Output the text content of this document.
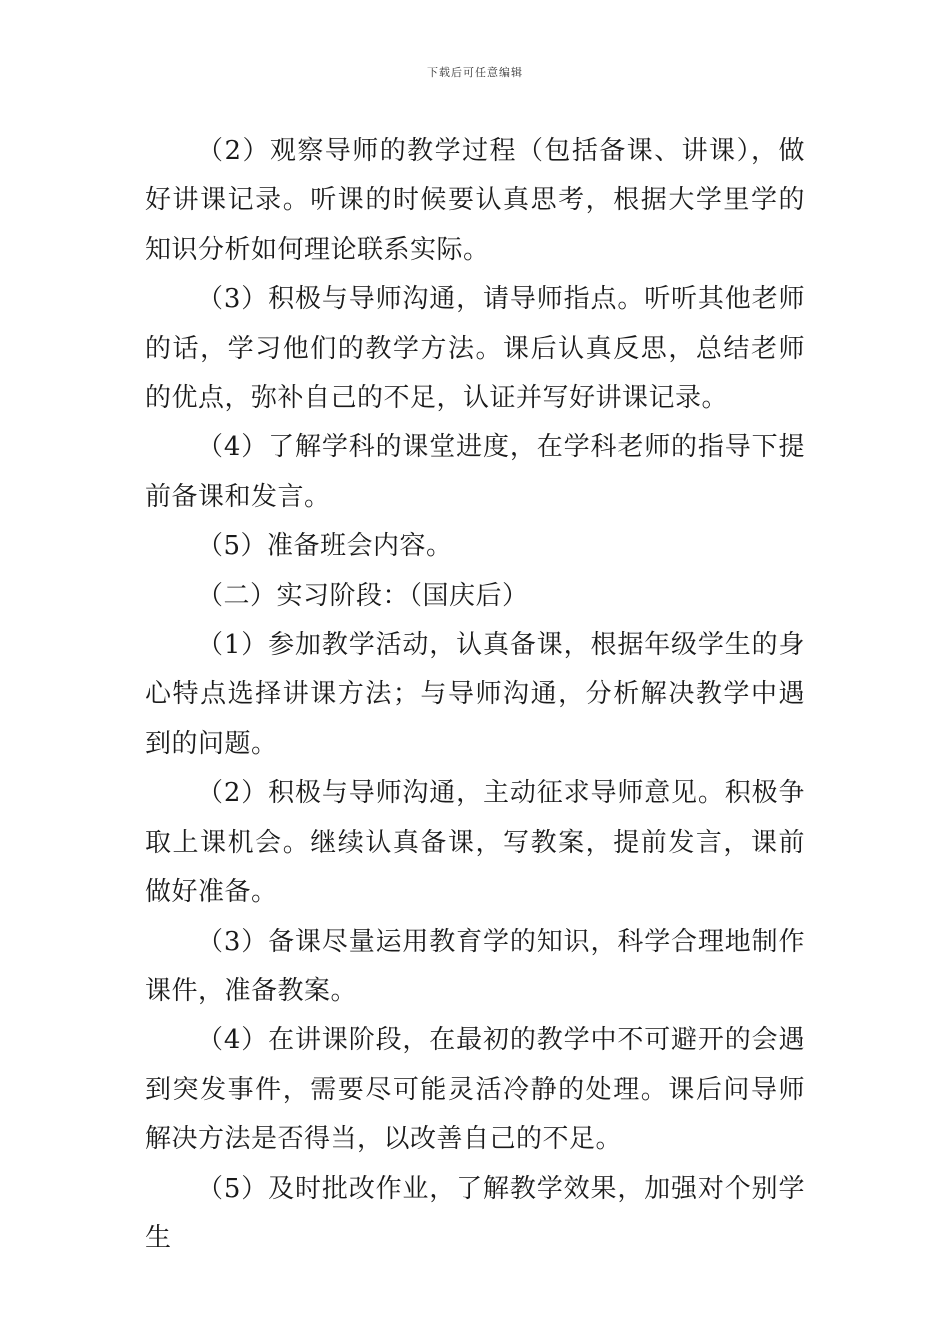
下载后可任意编辑

（2）观察导师的教学过程（包括备课、讲课），做好讲课记录。听课的时候要认真思考，根据大学里学的知识分析如何理论联系实际。

（3）积极与导师沟通，请导师指点。听听其他老师的话，学习他们的教学方法。课后认真反思，总结老师的优点，弥补自己的不足，认证并写好讲课记录。

（4）了解学科的课堂进度，在学科老师的指导下提前备课和发言。

（5）准备班会内容。

（二）实习阶段：（国庆后）

（1）参加教学活动，认真备课，根据年级学生的身心特点选择讲课方法；与导师沟通，分析解决教学中遇到的问题。

（2）积极与导师沟通，主动征求导师意见。积极争取上课机会。继续认真备课，写教案，提前发言，课前做好准备。

（3）备课尽量运用教育学的知识，科学合理地制作课件，准备教案。

（4）在讲课阶段，在最初的教学中不可避开的会遇到突发事件，需要尽可能灵活冷静的处理。课后问导师解决方法是否得当，以改善自己的不足。

（5）及时批改作业，了解教学效果，加强对个别学生
